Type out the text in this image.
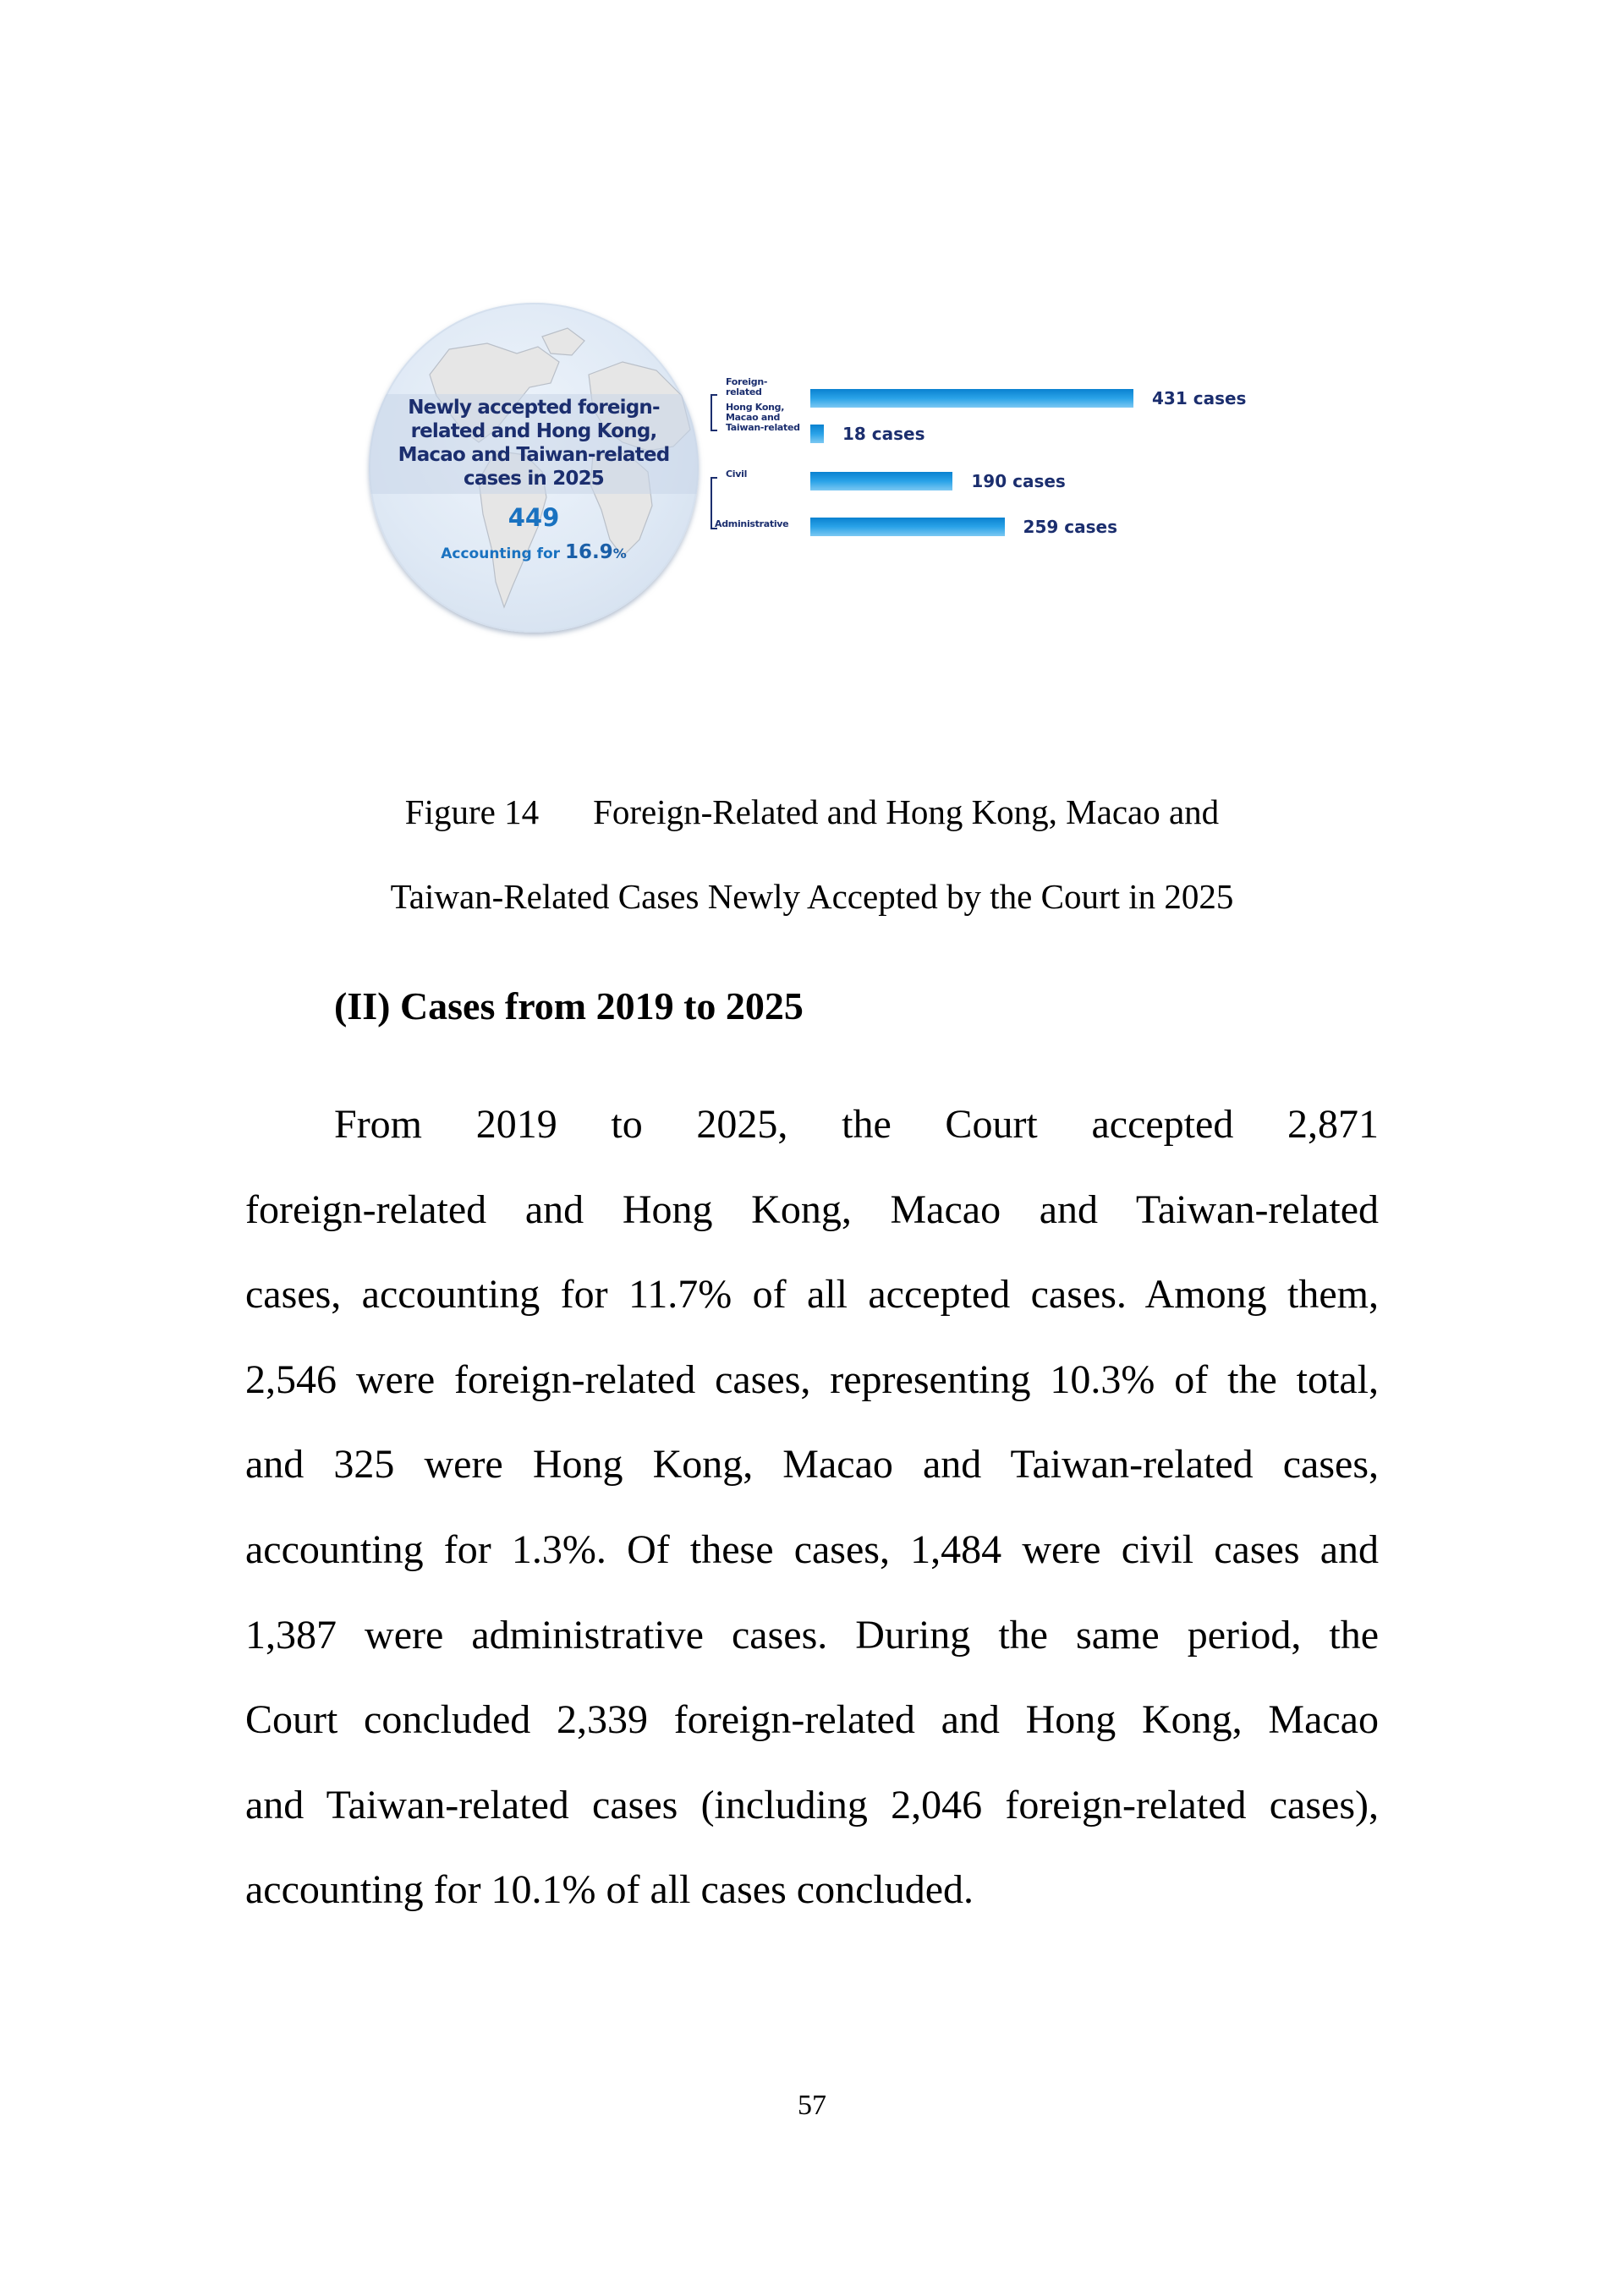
Newly accepted foreign-
related and Hong Kong,
Macao and Taiwan-related
cases in 2025
449
Accounting for 16.9%
Foreign-
related	431 cases
Hong Kong,
Macao and
Taiwan-related	18 cases
Civil	190 cases
Administrative	259 cases
Figure 14 Foreign-Related and Hong Kong, Macao and
Taiwan-Related Cases Newly Accepted by the Court in 2025
(II) Cases from 2019 to 2025
From 2019 to 2025, the Court accepted 2,871
foreign-related and Hong Kong, Macao and Taiwan-related
cases, accounting for 11.7% of all accepted cases. Among them,
2,546 were foreign-related cases, representing 10.3% of the total,
and 325 were Hong Kong, Macao and Taiwan-related cases,
accounting for 1.3%. Of these cases, 1,484 were civil cases and
1,387 were administrative cases. During the same period, the
Court concluded 2,339 foreign-related and Hong Kong, Macao
and Taiwan-related cases (including 2,046 foreign-related cases),
accounting for 10.1% of all cases concluded.
57
